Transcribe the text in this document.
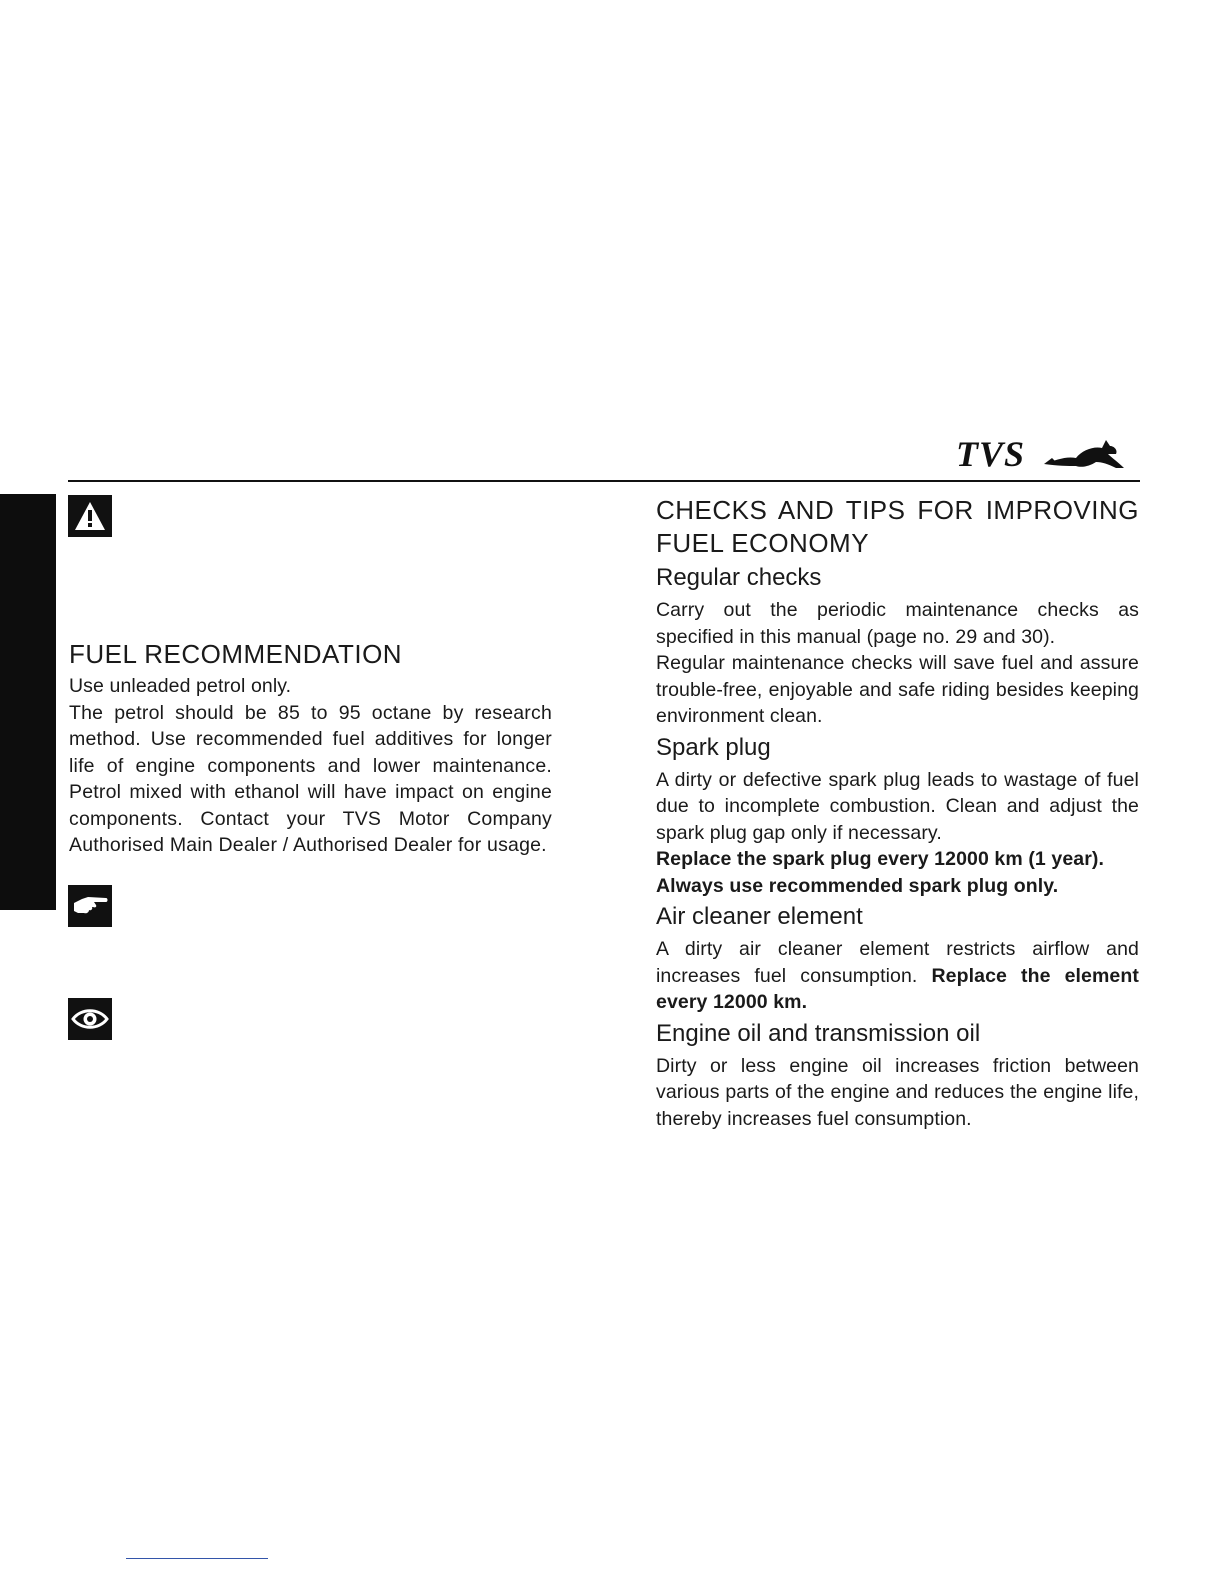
TVS
FUEL RECOMMENDATION

Use unleaded petrol only.

The petrol should be 85 to 95 octane by research method. Use recommended fuel additives for longer life of engine components and lower maintenance. Petrol mixed with ethanol will have impact on engine components. Contact your TVS Motor Company Authorised Main Dealer / Authorised Dealer for usage.

CHECKS AND TIPS FOR IMPROVING FUEL ECONOMY
Regular checks

Carry out the periodic maintenance checks as specified in this manual (page no. 29 and 30).

Regular maintenance checks will save fuel and assure trouble-free, enjoyable and safe riding besides keeping environment clean.

Spark plug

A dirty or defective spark plug leads to wastage of fuel due to incomplete combustion. Clean and adjust the spark plug gap only if necessary.

Replace the spark plug every 12000 km (1 year).

Always use recommended spark plug only.

Air cleaner element

A dirty air cleaner element restricts airflow and increases fuel consumption. Replace the element every 12000 km.

Engine oil and transmission oil

Dirty or less engine oil increases friction between various parts of the engine and reduces the engine life, thereby increases fuel consumption.
